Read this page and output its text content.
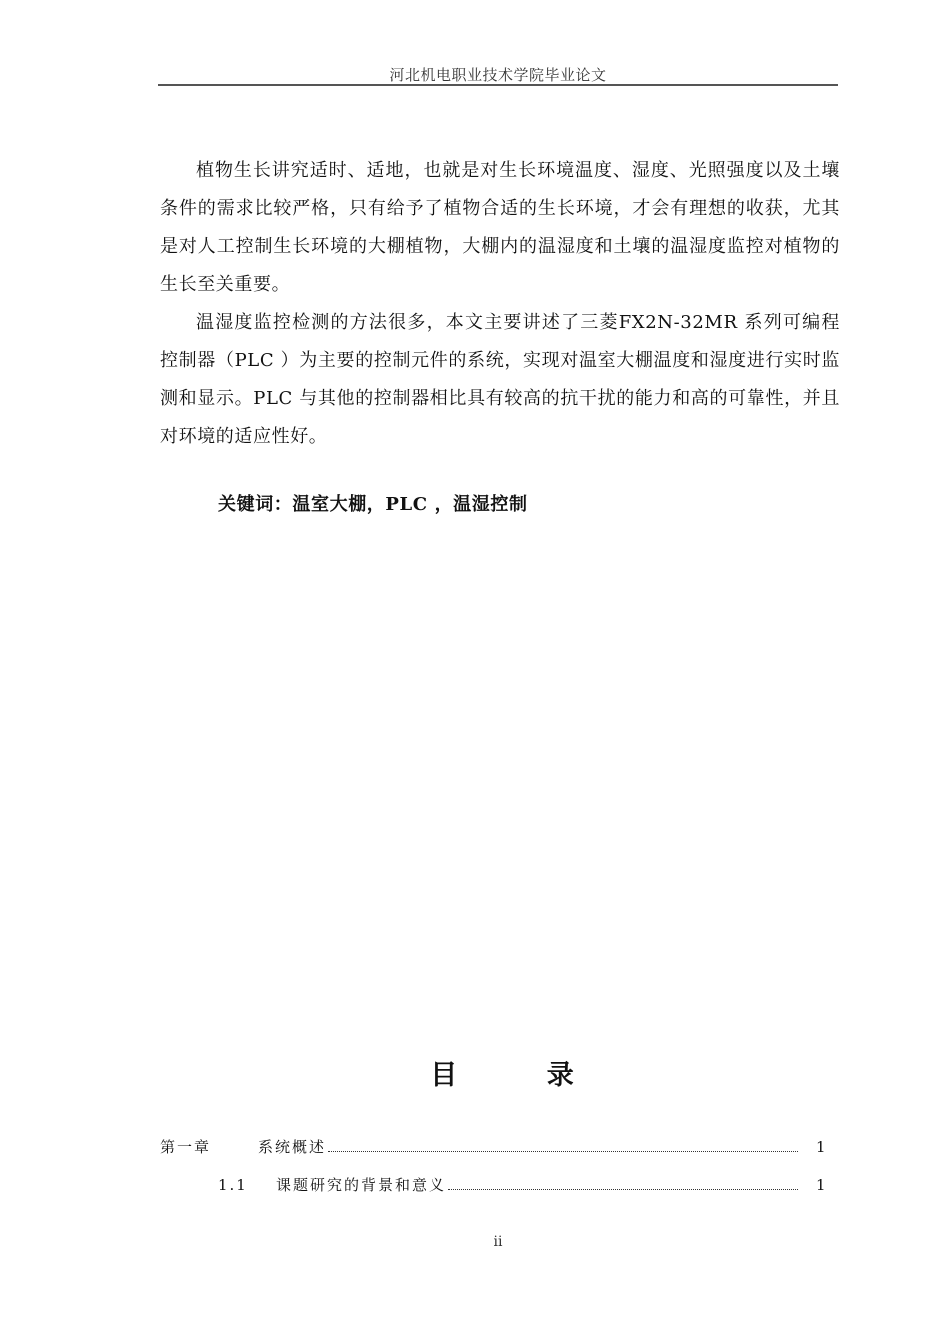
河北机电职业技术学院毕业论文

植物生长讲究适时、适地，也就是对生长环境温度、湿度、光照强度以及土壤条件的需求比较严格，只有给予了植物合适的生长环境，才会有理想的收获，尤其是对人工控制生长环境的大棚植物，大棚内的温湿度和土壤的温湿度监控对植物的生长至关重要。

温湿度监控检测的方法很多，本文主要讲述了三菱FX2N-32MR 系列可编程控制器（PLC ）为主要的控制元件的系统，实现对温室大棚温度和湿度进行实时监测和显示。PLC 与其他的控制器相比具有较高的抗干扰的能力和高的可靠性，并且对环境的适应性好。

关键词：温室大棚，PLC ，温湿控制
目 录
第一章	系统概述	1
1.1	课题研究的背景和意义	1
ii
